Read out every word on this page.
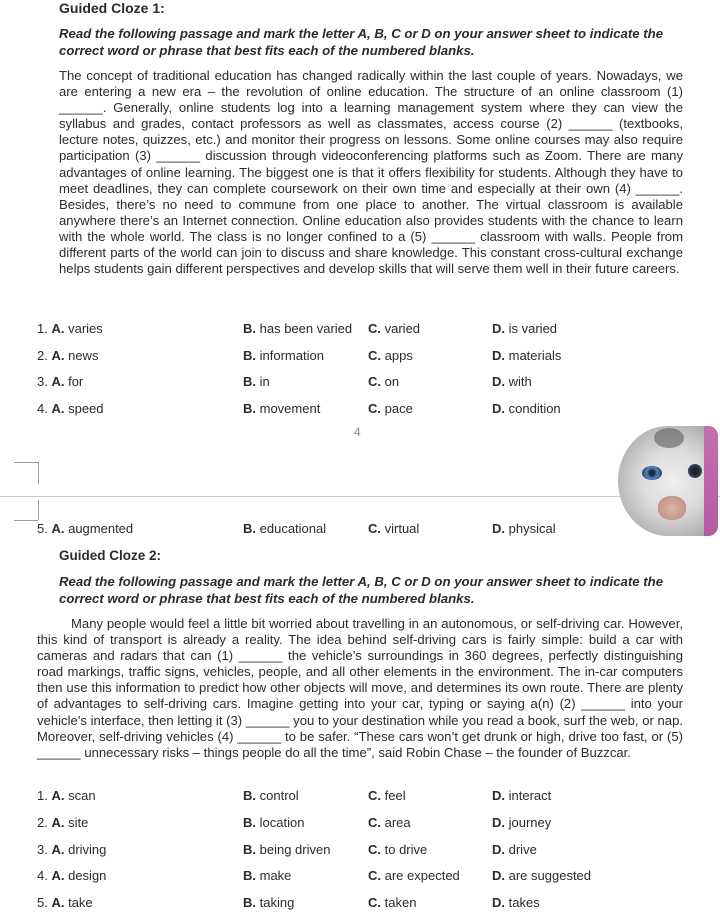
Guided Cloze 1:
Read the following passage and mark the letter A, B, C or D on your answer sheet to indicate the correct word or phrase that best fits each of the numbered blanks.
The concept of traditional education has changed radically within the last couple of years. Nowadays, we are entering a new era – the revolution of online education. The structure of an online classroom (1) ______. Generally, online students log into a learning management system where they can view the syllabus and grades, contact professors as well as classmates, access course (2) ______ (textbooks, lecture notes, quizzes, etc.) and monitor their progress on lessons. Some online courses may also require participation (3) ______ discussion through videoconferencing platforms such as Zoom. There are many advantages of online learning. The biggest one is that it offers flexibility for students. Although they have to meet deadlines, they can complete coursework on their own time and especially at their own (4) ______. Besides, there’s no need to commune from one place to another. The virtual classroom is available anywhere there’s an Internet connection. Online education also provides students with the chance to learn with the whole world. The class is no longer confined to a (5) ______ classroom with walls. People from different parts of the world can join to discuss and share knowledge. This constant cross-cultural exchange helps students gain different perspectives and develop skills that will serve them well in their future careers.
1. A. varies	B. has been varied C. varied	D. is varied
2. A. news	B. information	C. apps	D. materials
3. A. for	B. in	C. on	D. with
4. A. speed	B. movement	C. pace	D. condition
4
5. A. augmented	B. educational	C. virtual	D. physical
Guided Cloze 2:
Read the following passage and mark the letter A, B, C or D on your answer sheet to indicate the correct word or phrase that best fits each of the numbered blanks.
Many people would feel a little bit worried about travelling in an autonomous, or self-driving car. However, this kind of transport is already a reality. The idea behind self-driving cars is fairly simple: build a car with cameras and radars that can (1) ______ the vehicle’s surroundings in 360 degrees, perfectly distinguishing road markings, traffic signs, vehicles, people, and all other elements in the environment. The in-car computers then use this information to predict how other objects will move, and determines its own route. There are plenty of advantages to self-driving cars. Imagine getting into your car, typing or saying a(n) (2) ______ into your vehicle’s interface, then letting it (3) ______ you to your destination while you read a book, surf the web, or nap. Moreover, self-driving vehicles (4) ______ to be safer. “These cars won’t get drunk or high, drive too fast, or (5) ______ unnecessary risks – things people do all the time”, said Robin Chase – the founder of Buzzcar.
1. A. scan	B. control	C. feel	D. interact
2. A. site	B. location	C. area	D. journey
3. A. driving	B. being driven	C. to drive	D. drive
4. A. design	B. make	C. are expected D. are suggested
5. A. take	B. taking	C. taken	D. takes
